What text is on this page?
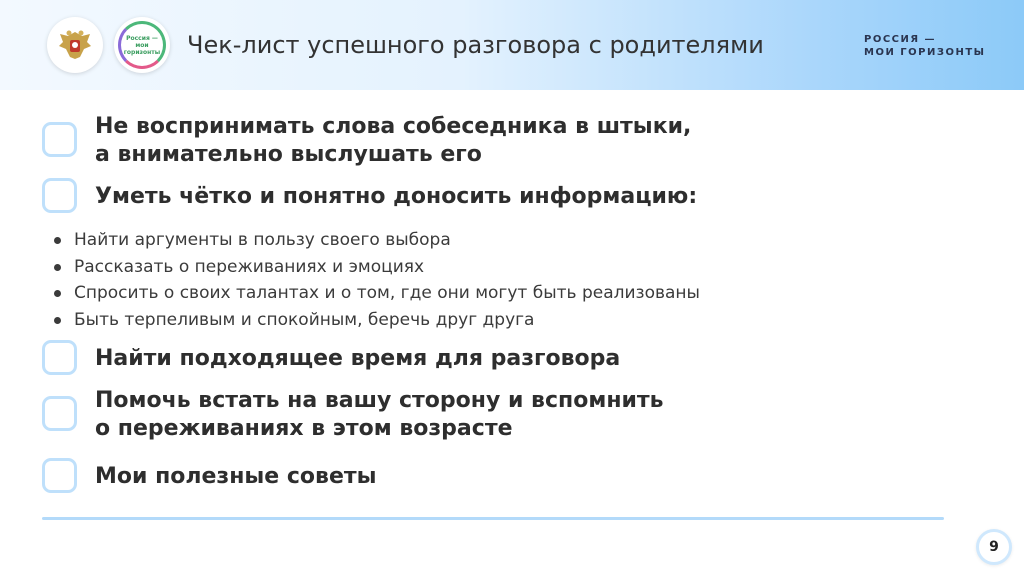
Россия — мои горизонты Чек-лист успешного разговора с родителями	РОССИЯ —
МОИ ГОРИЗОНТЫ
Не воспринимать слова собеседника в штыки,
а внимательно выслушать его
Уметь чётко и понятно доносить информацию:
Найти аргументы в пользу своего выбора
Рассказать о переживаниях и эмоциях
Спросить о своих талантах и о том, где они могут быть реализованы
Быть терпеливым и спокойным, беречь друг друга
Найти подходящее время для разговора
Помочь встать на вашу сторону и вспомнить
о переживаниях в этом возрасте
Мои полезные советы
9
